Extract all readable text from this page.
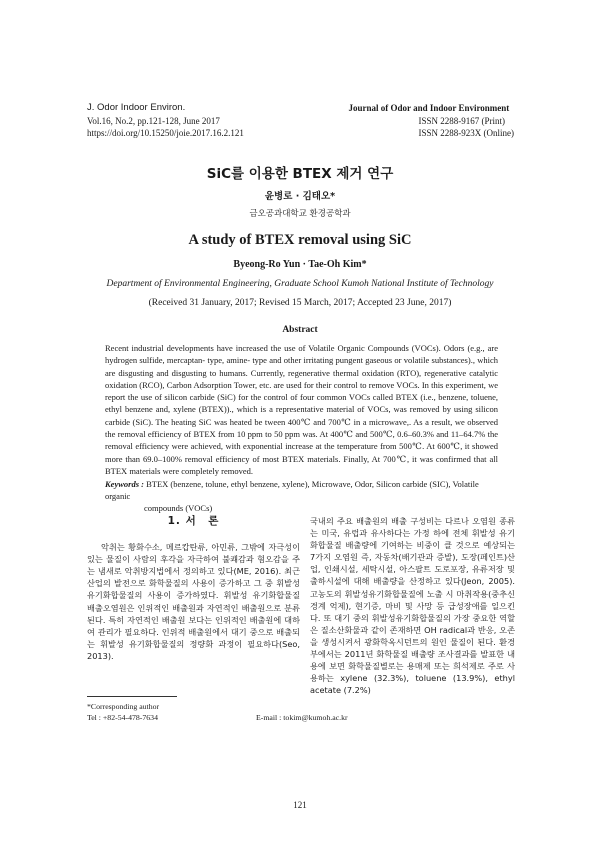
J. Odor Indoor Environ.
Vol.16, No.2, pp.121-128, June 2017
https://doi.org/10.15250/joie.2017.16.2.121
Journal of Odor and Indoor Environment
ISSN 2288-9167 (Print)
ISSN 2288-923X (Online)
SiC를 이용한 BTEX 제거 연구
윤병로 · 김태오*
금오공과대학교 환경공학과
A study of BTEX removal using SiC
Byeong-Ro Yun · Tae-Oh Kim*
Department of Environmental Engineering, Graduate School Kumoh National Institute of Technology
(Received 31 January, 2017; Revised 15 March, 2017; Accepted 23 June, 2017)
Abstract

Recent industrial developments have increased the use of Volatile Organic Compounds (VOCs). Odors (e.g., are hydrogen sulfide, mercaptan- type, amine- type and other irritating pungent gaseous or volatile substances)., which are disgusting and disgusting to humans. Currently, regenerative thermal oxidation (RTO), regenerative catalytic oxidation (RCO), Carbon Adsorption Tower, etc. are used for their control to remove VOCs. In this experiment, we report the use of silicon carbide (SiC) for the control of four common VOCs called BTEX (i.e., benzene, toluene, ethyl benzene and, xylene (BTEX))., which is a representative material of VOCs, was removed by using silicon carbide (SiC). The heating SiC was heated be tween 400℃ and 700℃ in a microwave,. As a result, we observed the removal efficiency of BTEX from 10 ppm to 50 ppm was. At 400℃ and 500℃, 0.6–60.3% and 11–64.7% the removal efficiency were achieved, with exponential increase at the temperature from 500℃. At 600℃, it showed more than 69.0–100% removal efficiency of most BTEX materials. Finally, At 700℃, it was confirmed that all BTEX materials were completely removed.

Keywords : BTEX (benzene, tolune, ethyl benzene, xylene), Microwave, Odor, Silicon carbide (SIC), Volatile organic
compounds (VOCs)
1. 서　론

악취는 황화수소, 메르캅탄류, 아민류, 그밖에 자극성이 있는 물질이 사람의 후각을 자극하여 불쾌감과 혐오감을 주는 냄새로 악취방지법에서 정의하고 있다(ME, 2016). 최근 산업의 발전으로 화학물질의 사용이 증가하고 그 중 휘발성 유기화합물질의 사용이 증가하였다. 휘발성 유기화합물질 배출오염원은 인위적인 배출원과 자연적인 배출원으로 분류된다. 특히 자연적인 배출원 보다는 인위적인 배출원에 대하여 관리가 필요하다. 인위적 배출원에서 대기 중으로 배출되는 휘발성 유기화합물질의 정량화 과정이 필요하다(Seo, 2013).

국내의 주요 배출원의 배출 구성비는 다르나 오염원 종류는 미국, 유럽과 유사하다는 가정 하에 전체 휘발성 유기화합물질 배출량에 기여하는 비중이 클 것으로 예상되는 7가지 오염원 즉, 자동차(배기관과 증발), 도장(페인트)산업, 인쇄시설, 세탁시설, 아스팔트 도로포장, 유류저장 및 출하시설에 대해 배출량을 산정하고 있다(Jeon, 2005). 고농도의 휘발성유기화합물질에 노출 시 마취작용(중추신경계 억제), 현기증, 마비 및 사망 등 급성장애를 일으킨다. 또 대기 중의 휘발성유기화합물질의 가장 중요한 역할은 질소산화물과 같이 존재하면 OH radical과 반응, 오존을 생성시켜서 광화학옥시던트의 원인 물질이 된다. 환경부에서는 2011년 화학물질 배출량 조사결과를 발표한 내용에 보면 화학물질별로는 용매제 또는 희석제로 주로 사용하는 xylene (32.3%), toluene (13.9%), ethyl acetate (7.2%)

*Corresponding author
Tel : +82-54-478-7634	E-mail : tokim@kumoh.ac.kr
121
